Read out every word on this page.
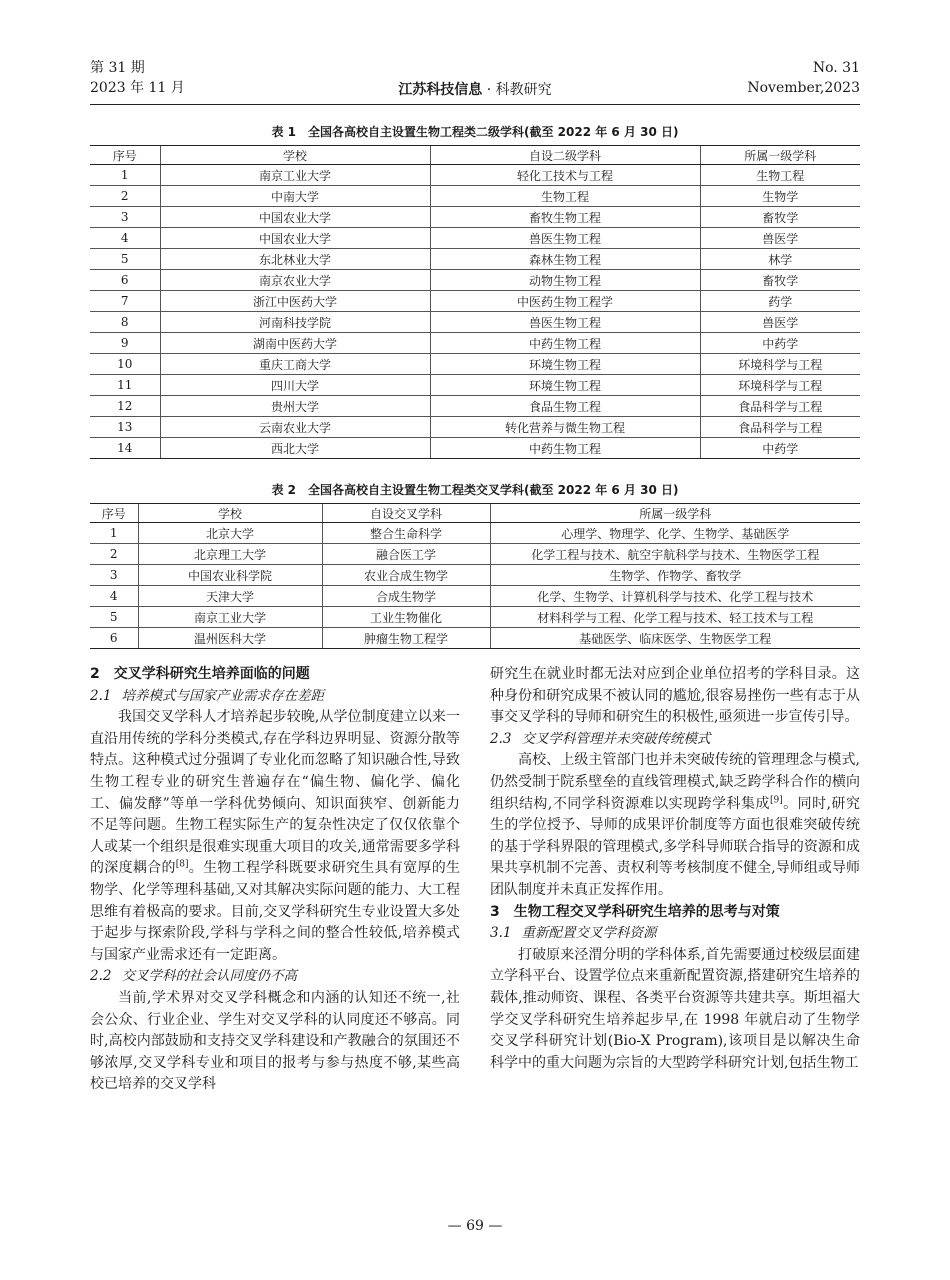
第 31 期
2023 年 11 月	江苏科技信息 · 科教研究
No. 31
November,2023
表 1　全国各高校自主设置生物工程类二级学科(截至 2022 年 6 月 30 日)
序号	学校	自设二级学科	所属一级学科
1	南京工业大学	轻化工技术与工程	生物工程
2	中南大学	生物工程	生物学
3	中国农业大学	畜牧生物工程	畜牧学
4	中国农业大学	兽医生物工程	兽医学
5	东北林业大学	森林生物工程	林学
6	南京农业大学	动物生物工程	畜牧学
7	浙江中医药大学	中医药生物工程学	药学
8	河南科技学院	兽医生物工程	兽医学
9	湖南中医药大学	中药生物工程	中药学
10	重庆工商大学	环境生物工程	环境科学与工程
11	四川大学	环境生物工程	环境科学与工程
12	贵州大学	食品生物工程	食品科学与工程
13	云南农业大学	转化营养与微生物工程	食品科学与工程
14	西北大学	中药生物工程	中药学
表 2　全国各高校自主设置生物工程类交叉学科(截至 2022 年 6 月 30 日)
序号	学校	自设交叉学科	所属一级学科
1	北京大学	整合生命科学	心理学、物理学、化学、生物学、基础医学
2	北京理工大学	融合医工学	化学工程与技术、航空宇航科学与技术、生物医学工程
3	中国农业科学院	农业合成生物学	生物学、作物学、畜牧学
4	天津大学	合成生物学	化学、生物学、计算机科学与技术、化学工程与技术
5	南京工业大学	工业生物催化	材料科学与工程、化学工程与技术、轻工技术与工程
6	温州医科大学	肿瘤生物工程学	基础医学、临床医学、生物医学工程
2　交叉学科研究生培养面临的问题
2.1 培养模式与国家产业需求存在差距

我国交叉学科人才培养起步较晚,从学位制度建立以来一直沿用传统的学科分类模式,存在学科边界明显、资源分散等特点。这种模式过分强调了专业化而忽略了知识融合性,导致生物工程专业的研究生普遍存在“偏生物、偏化学、偏化工、偏发酵”等单一学科优势倾向、知识面狭窄、创新能力不足等问题。生物工程实际生产的复杂性决定了仅仅依靠个人或某一个组织是很难实现重大项目的攻关,通常需要多学科的深度耦合的[8]。生物工程学科既要求研究生具有宽厚的生物学、化学等理科基础,又对其解决实际问题的能力、大工程思维有着极高的要求。目前,交叉学科研究生专业设置大多处于起步与探索阶段,学科与学科之间的整合性较低,培养模式与国家产业需求还有一定距离。

2.2 交叉学科的社会认同度仍不高

当前,学术界对交叉学科概念和内涵的认知还不统一,社会公众、行业企业、学生对交叉学科的认同度还不够高。同时,高校内部鼓励和支持交叉学科建设和产教融合的氛围还不够浓厚,交叉学科专业和项目的报考与参与热度不够,某些高校已培养的交叉学科

研究生在就业时都无法对应到企业单位招考的学科目录。这种身份和研究成果不被认同的尴尬,很容易挫伤一些有志于从事交叉学科的导师和研究生的积极性,亟须进一步宣传引导。

2.3 交叉学科管理并未突破传统模式

高校、上级主管部门也并未突破传统的管理理念与模式,仍然受制于院系壁垒的直线管理模式,缺乏跨学科合作的横向组织结构,不同学科资源难以实现跨学科集成[9]。同时,研究生的学位授予、导师的成果评价制度等方面也很难突破传统的基于学科界限的管理模式,多学科导师联合指导的资源和成果共享机制不完善、责权利等考核制度不健全,导师组或导师团队制度并未真正发挥作用。

3　生物工程交叉学科研究生培养的思考与对策
3.1 重新配置交叉学科资源

打破原来泾渭分明的学科体系,首先需要通过校级层面建立学科平台、设置学位点来重新配置资源,搭建研究生培养的载体,推动师资、课程、各类平台资源等共建共享。斯坦福大学交叉学科研究生培养起步早,在 1998 年就启动了生物学交叉学科研究计划(Bio-X Program),该项目是以解决生命科学中的重大问题为宗旨的大型跨学科研究计划,包括生物工

— 69 —
